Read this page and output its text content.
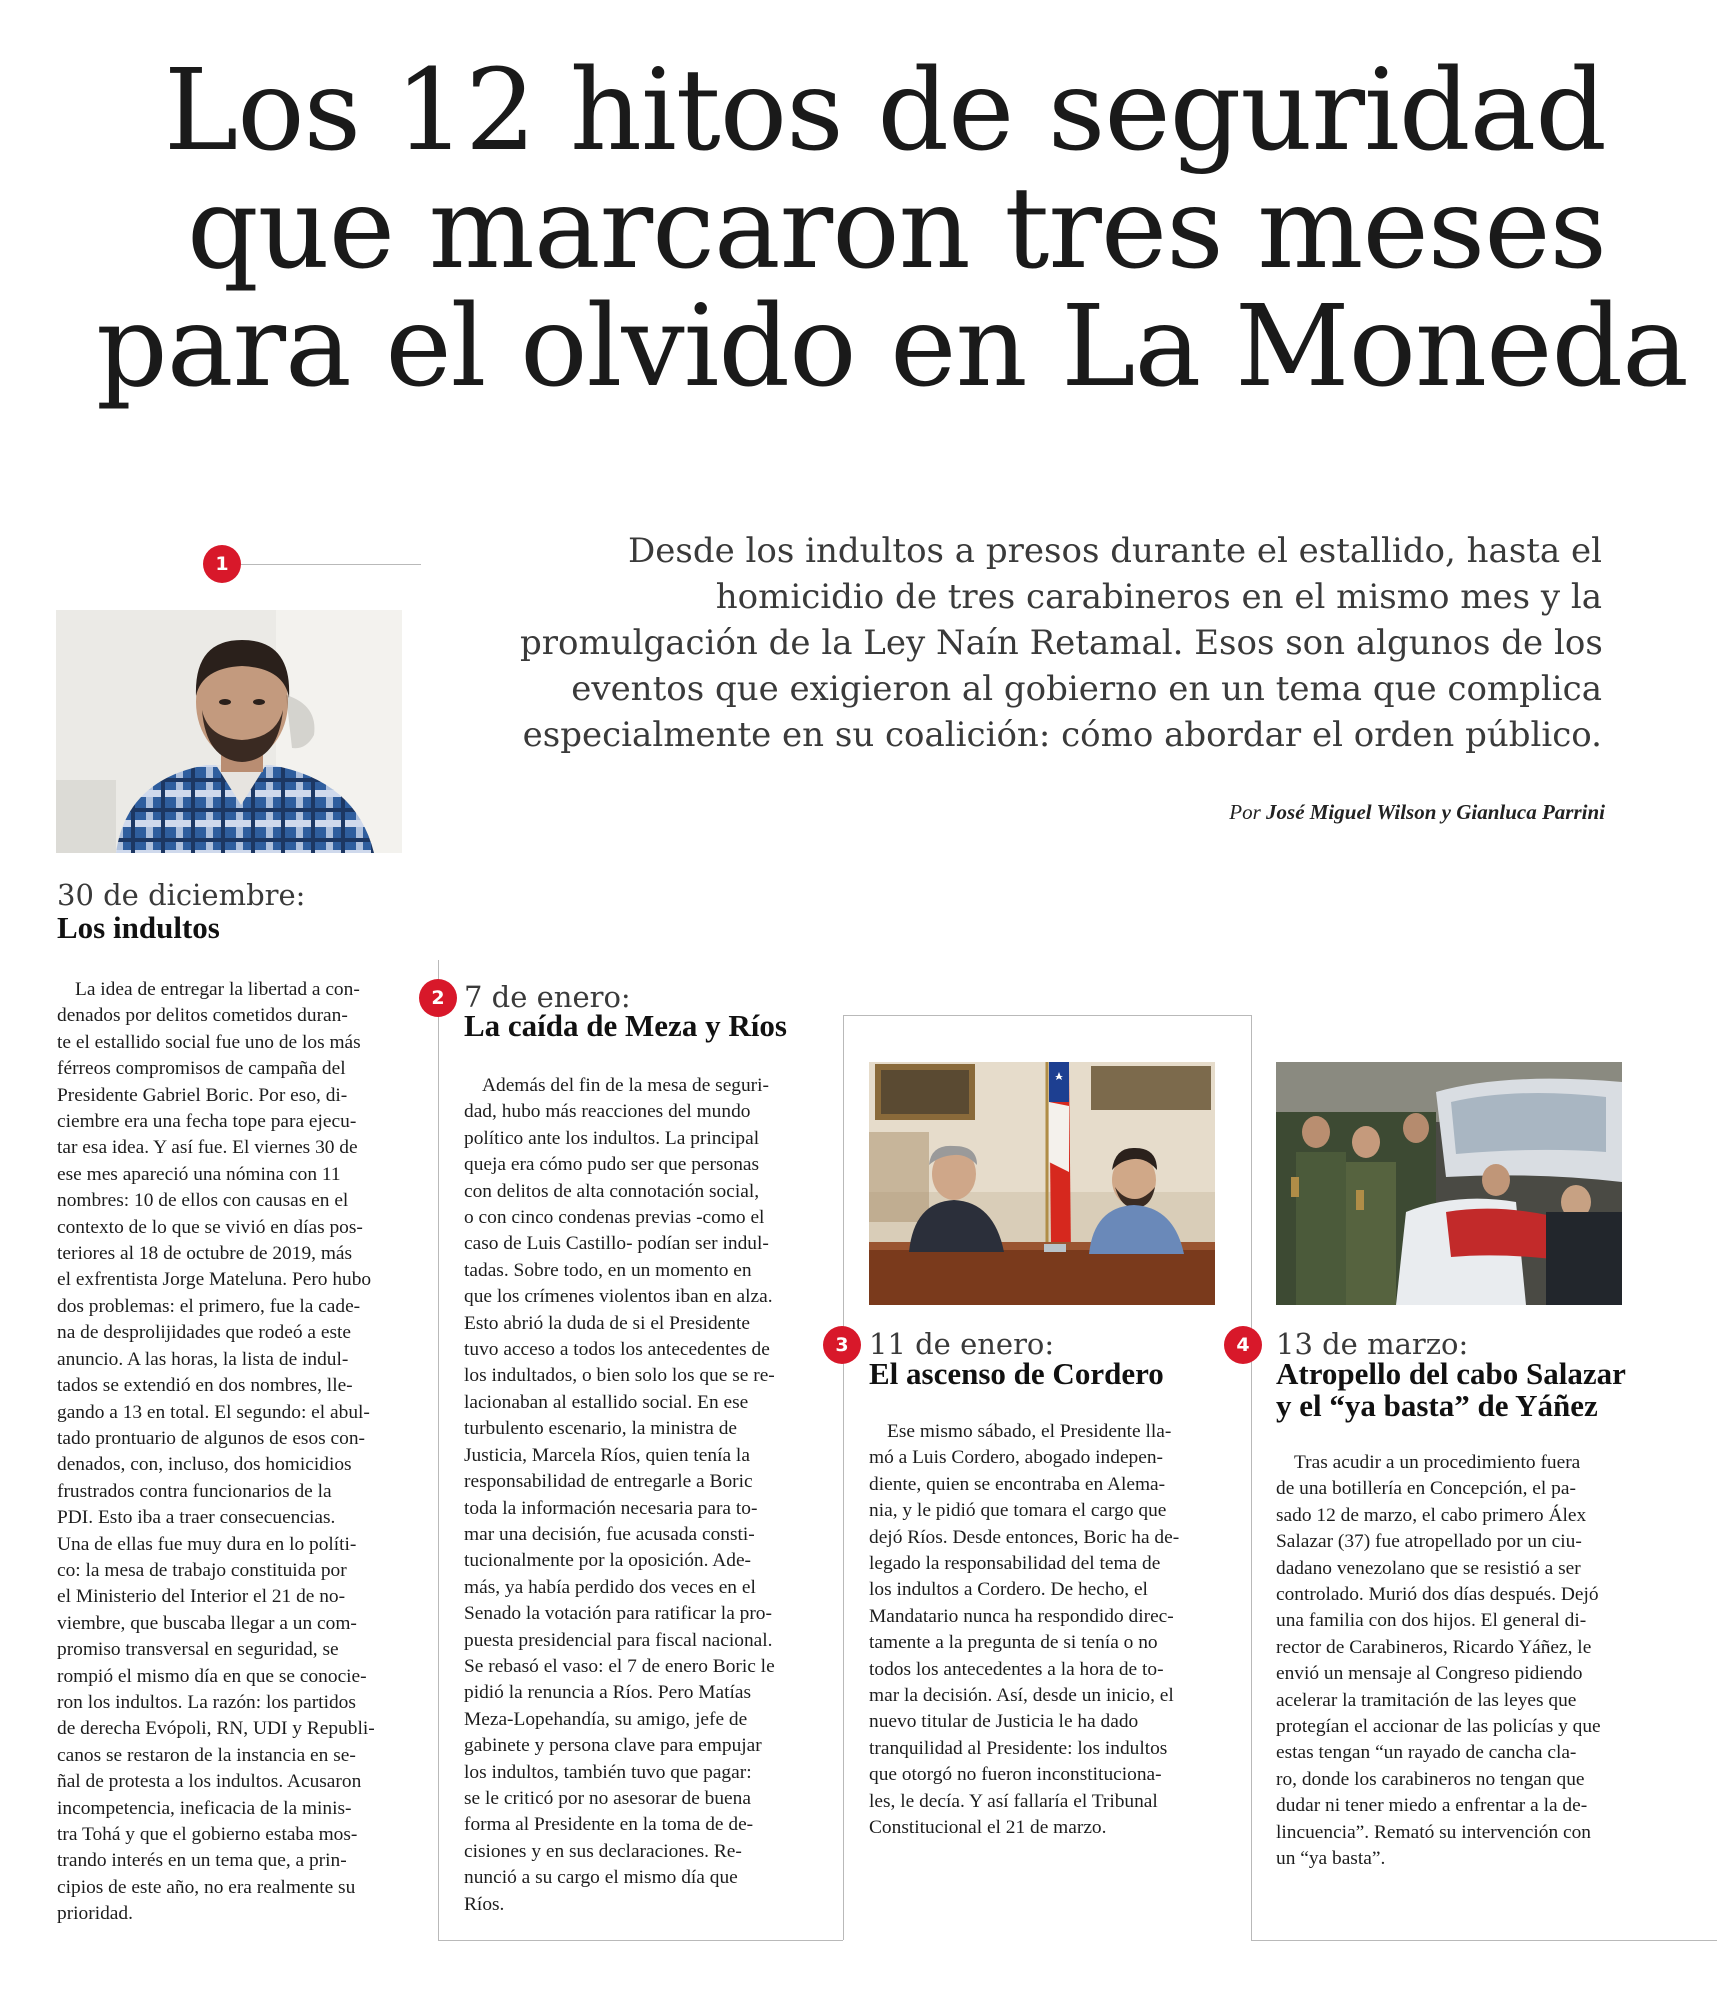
Los 12 hitos de seguridad
que marcaron tres meses
para el olvido en La Moneda

Desde los indultos a presos durante el estallido, hasta el
homicidio de tres carabineros en el mismo mes y la
promulgación de la Ley Naín Retamal. Esos son algunos de los
eventos que exigieron al gobierno en un tema que complica
especialmente en su coalición: cómo abordar el orden público.

Por José Miguel Wilson y Gianluca Parrini
1
30 de diciembre:
Los indultos
La idea de entregar la libertad a con-
denados por delitos cometidos duran-
te el estallido social fue uno de los más
férreos compromisos de campaña del
Presidente Gabriel Boric. Por eso, di-
ciembre era una fecha tope para ejecu-
tar esa idea. Y así fue. El viernes 30 de
ese mes apareció una nómina con 11
nombres: 10 de ellos con causas en el
contexto de lo que se vivió en días pos-
teriores al 18 de octubre de 2019, más
el exfrentista Jorge Mateluna. Pero hubo
dos problemas: el primero, fue la cade-
na de desprolijidades que rodeó a este
anuncio. A las horas, la lista de indul-
tados se extendió en dos nombres, lle-
gando a 13 en total. El segundo: el abul-
tado prontuario de algunos de esos con-
denados, con, incluso, dos homicidios
frustrados contra funcionarios de la
PDI. Esto iba a traer consecuencias.
Una de ellas fue muy dura en lo políti-
co: la mesa de trabajo constituida por
el Ministerio del Interior el 21 de no-
viembre, que buscaba llegar a un com-
promiso transversal en seguridad, se
rompió el mismo día en que se conocie-
ron los indultos. La razón: los partidos
de derecha Evópoli, RN, UDI y Republi-
canos se restaron de la instancia en se-
ñal de protesta a los indultos. Acusaron
incompetencia, ineficacia de la minis-
tra Tohá y que el gobierno estaba mos-
trando interés en un tema que, a prin-
cipios de este año, no era realmente su
prioridad.
2 7 de enero:
La caída de Meza y Ríos
Además del fin de la mesa de seguri-
dad, hubo más reacciones del mundo
político ante los indultos. La principal
queja era cómo pudo ser que personas
con delitos de alta connotación social,
o con cinco condenas previas -como el
caso de Luis Castillo- podían ser indul-
tadas. Sobre todo, en un momento en
que los crímenes violentos iban en alza.
Esto abrió la duda de si el Presidente
tuvo acceso a todos los antecedentes de
los indultados, o bien solo los que se re-
lacionaban al estallido social. En ese
turbulento escenario, la ministra de
Justicia, Marcela Ríos, quien tenía la
responsabilidad de entregarle a Boric
toda la información necesaria para to-
mar una decisión, fue acusada consti-
tucionalmente por la oposición. Ade-
más, ya había perdido dos veces en el
Senado la votación para ratificar la pro-
puesta presidencial para fiscal nacional.
Se rebasó el vaso: el 7 de enero Boric le
pidió la renuncia a Ríos. Pero Matías
Meza-Lopehandía, su amigo, jefe de
gabinete y persona clave para empujar
los indultos, también tuvo que pagar:
se le criticó por no asesorar de buena
forma al Presidente en la toma de de-
cisiones y en sus declaraciones. Re-
nunció a su cargo el mismo día que
Ríos.
3 11 de enero:
El ascenso de Cordero
Ese mismo sábado, el Presidente lla-
mó a Luis Cordero, abogado indepen-
diente, quien se encontraba en Alema-
nia, y le pidió que tomara el cargo que
dejó Ríos. Desde entonces, Boric ha de-
legado la responsabilidad del tema de
los indultos a Cordero. De hecho, el
Mandatario nunca ha respondido direc-
tamente a la pregunta de si tenía o no
todos los antecedentes a la hora de to-
mar la decisión. Así, desde un inicio, el
nuevo titular de Justicia le ha dado
tranquilidad al Presidente: los indultos
que otorgó no fueron inconstituciona-
les, le decía. Y así fallaría el Tribunal
Constitucional el 21 de marzo.
4 13 de marzo:
Atropello del cabo Salazar
y el “ya basta” de Yáñez
Tras acudir a un procedimiento fuera
de una botillería en Concepción, el pa-
sado 12 de marzo, el cabo primero Álex
Salazar (37) fue atropellado por un ciu-
dadano venezolano que se resistió a ser
controlado. Murió dos días después. Dejó
una familia con dos hijos. El general di-
rector de Carabineros, Ricardo Yáñez, le
envió un mensaje al Congreso pidiendo
acelerar la tramitación de las leyes que
protegían el accionar de las policías y que
estas tengan “un rayado de cancha cla-
ro, donde los carabineros no tengan que
dudar ni tener miedo a enfrentar a la de-
lincuencia”. Remató su intervención con
un “ya basta”.
